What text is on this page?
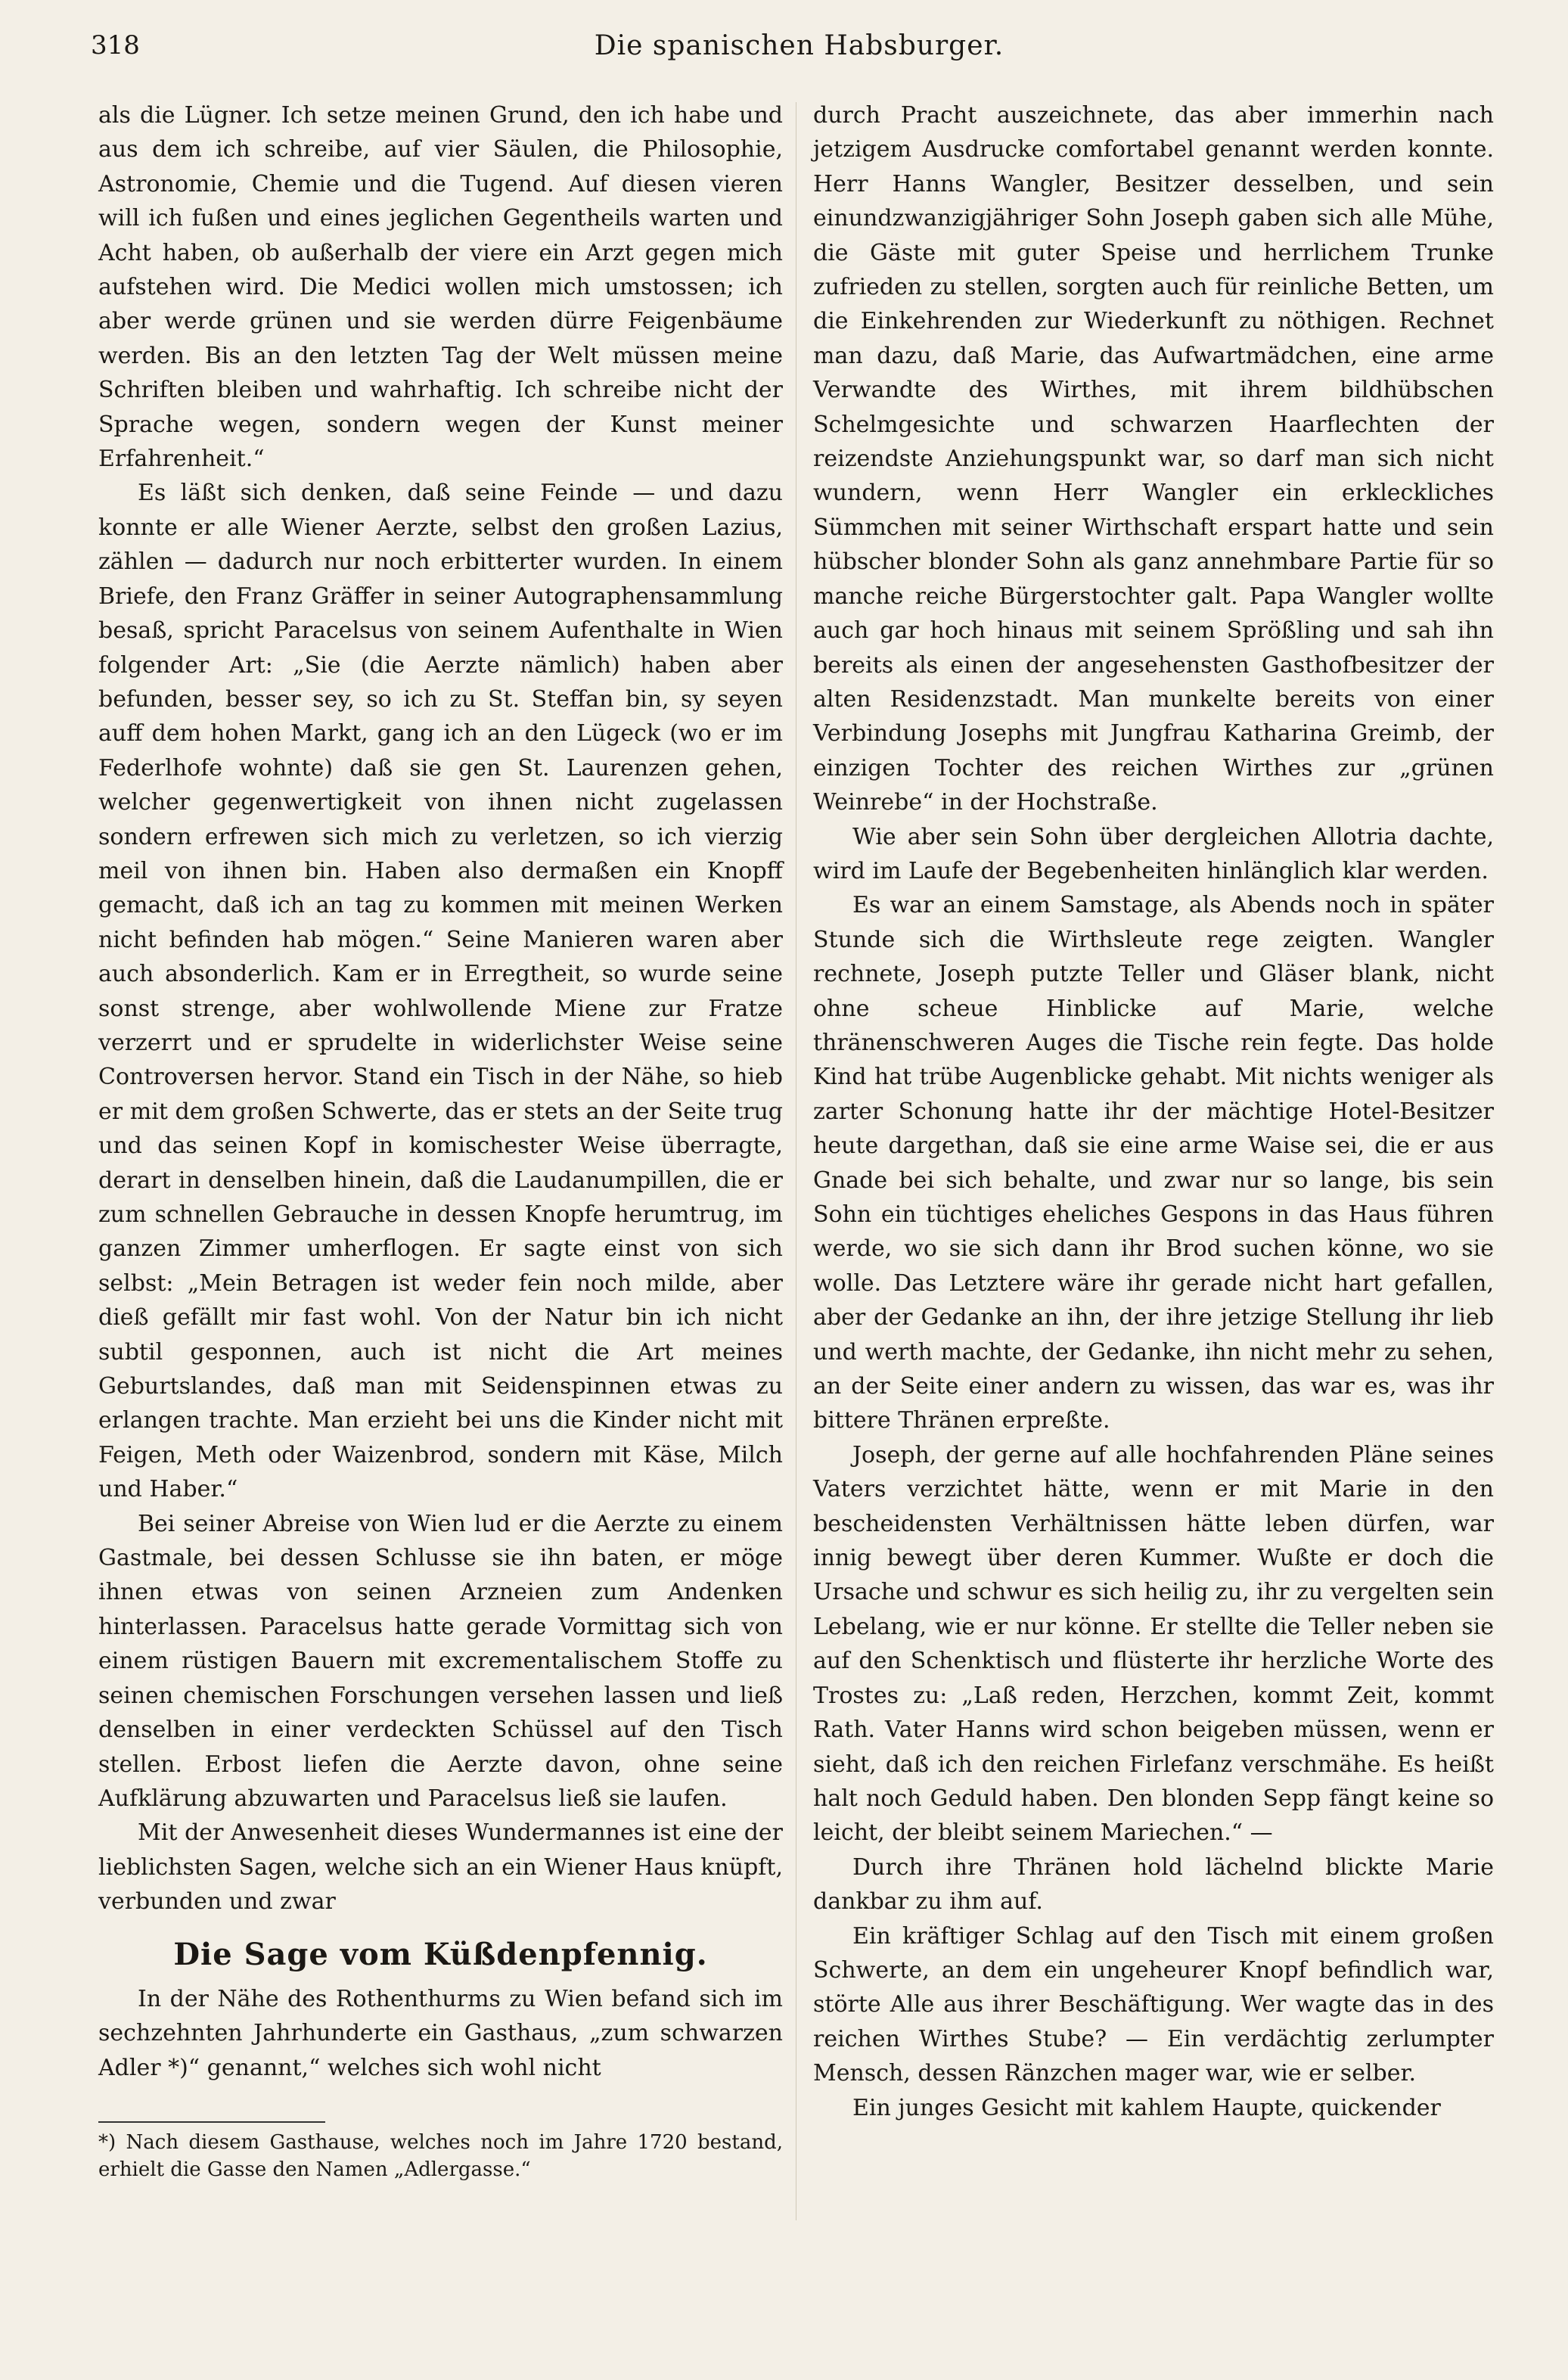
318	Die spanischen Habsburger.

als die Lügner. Ich setze meinen Grund, den ich habe und aus dem ich schreibe, auf vier Säulen, die Philosophie, Astronomie, Chemie und die Tugend. Auf diesen vieren will ich fußen und eines jeglichen Gegentheils warten und Acht haben, ob außerhalb der viere ein Arzt gegen mich aufstehen wird. Die Medici wollen mich umstossen; ich aber werde grünen und sie werden dürre Feigenbäume werden. Bis an den letzten Tag der Welt müssen meine Schriften bleiben und wahrhaftig. Ich schreibe nicht der Sprache wegen, sondern wegen der Kunst meiner Erfahrenheit.“

Es läßt sich denken, daß seine Feinde — und dazu konnte er alle Wiener Aerzte, selbst den großen Lazius, zählen — dadurch nur noch erbitterter wurden. In einem Briefe, den Franz Gräffer in seiner Autographensammlung besaß, spricht Paracelsus von seinem Aufenthalte in Wien folgender Art: „Sie (die Aerzte nämlich) haben aber befunden, besser sey, so ich zu St. Steffan bin, sy seyen auff dem hohen Markt, gang ich an den Lügeck (wo er im Federlhofe wohnte) daß sie gen St. Laurenzen gehen, welcher gegenwertigkeit von ihnen nicht zugelassen sondern erfrewen sich mich zu verletzen, so ich vierzig meil von ihnen bin. Haben also dermaßen ein Knopff gemacht, daß ich an tag zu kommen mit meinen Werken nicht befinden hab mögen.“ Seine Manieren waren aber auch absonderlich. Kam er in Erregtheit, so wurde seine sonst strenge, aber wohlwollende Miene zur Fratze verzerrt und er sprudelte in widerlichster Weise seine Controversen hervor. Stand ein Tisch in der Nähe, so hieb er mit dem großen Schwerte, das er stets an der Seite trug und das seinen Kopf in komischester Weise überragte, derart in denselben hinein, daß die Laudanumpillen, die er zum schnellen Gebrauche in dessen Knopfe herumtrug, im ganzen Zimmer umherflogen. Er sagte einst von sich selbst: „Mein Betragen ist weder fein noch milde, aber dieß gefällt mir fast wohl. Von der Natur bin ich nicht subtil gesponnen, auch ist nicht die Art meines Geburtslandes, daß man mit Seidenspinnen etwas zu erlangen trachte. Man erzieht bei uns die Kinder nicht mit Feigen, Meth oder Waizenbrod, sondern mit Käse, Milch und Haber.“

Bei seiner Abreise von Wien lud er die Aerzte zu einem Gastmale, bei dessen Schlusse sie ihn baten, er möge ihnen etwas von seinen Arzneien zum Andenken hinterlassen. Paracelsus hatte gerade Vormittag sich von einem rüstigen Bauern mit excrementalischem Stoffe zu seinen chemischen Forschungen versehen lassen und ließ denselben in einer verdeckten Schüssel auf den Tisch stellen. Erbost liefen die Aerzte davon, ohne seine Aufklärung abzuwarten und Paracelsus ließ sie laufen.

Mit der Anwesenheit dieses Wundermannes ist eine der lieblichsten Sagen, welche sich an ein Wiener Haus knüpft, verbunden und zwar

Die Sage vom Küßdenpfennig.

In der Nähe des Rothenthurms zu Wien befand sich im sechzehnten Jahrhunderte ein Gasthaus, „zum schwarzen Adler *)“ genannt,“ welches sich wohl nicht

*) Nach diesem Gasthause, welches noch im Jahre 1720 bestand, erhielt die Gasse den Namen „Adlergasse.“

durch Pracht auszeichnete, das aber immerhin nach jetzigem Ausdrucke comfortabel genannt werden konnte. Herr Hanns Wangler, Besitzer desselben, und sein einundzwanzigjähriger Sohn Joseph gaben sich alle Mühe, die Gäste mit guter Speise und herrlichem Trunke zufrieden zu stellen, sorgten auch für reinliche Betten, um die Einkehrenden zur Wiederkunft zu nöthigen. Rechnet man dazu, daß Marie, das Aufwartmädchen, eine arme Verwandte des Wirthes, mit ihrem bildhübschen Schelmgesichte und schwarzen Haarflechten der reizendste Anziehungspunkt war, so darf man sich nicht wundern, wenn Herr Wangler ein erkleckliches Sümmchen mit seiner Wirthschaft erspart hatte und sein hübscher blonder Sohn als ganz annehmbare Partie für so manche reiche Bürgerstochter galt. Papa Wangler wollte auch gar hoch hinaus mit seinem Sprößling und sah ihn bereits als einen der angesehensten Gasthofbesitzer der alten Residenzstadt. Man munkelte bereits von einer Verbindung Josephs mit Jungfrau Katharina Greimb, der einzigen Tochter des reichen Wirthes zur „grünen Weinrebe“ in der Hochstraße.

Wie aber sein Sohn über dergleichen Allotria dachte, wird im Laufe der Begebenheiten hinlänglich klar werden.

Es war an einem Samstage, als Abends noch in später Stunde sich die Wirthsleute rege zeigten. Wangler rechnete, Joseph putzte Teller und Gläser blank, nicht ohne scheue Hinblicke auf Marie, welche thränenschweren Auges die Tische rein fegte. Das holde Kind hat trübe Augenblicke gehabt. Mit nichts weniger als zarter Schonung hatte ihr der mächtige Hotel-Besitzer heute dargethan, daß sie eine arme Waise sei, die er aus Gnade bei sich behalte, und zwar nur so lange, bis sein Sohn ein tüchtiges eheliches Gespons in das Haus führen werde, wo sie sich dann ihr Brod suchen könne, wo sie wolle. Das Letztere wäre ihr gerade nicht hart gefallen, aber der Gedanke an ihn, der ihre jetzige Stellung ihr lieb und werth machte, der Gedanke, ihn nicht mehr zu sehen, an der Seite einer andern zu wissen, das war es, was ihr bittere Thränen erpreßte.

Joseph, der gerne auf alle hochfahrenden Pläne seines Vaters verzichtet hätte, wenn er mit Marie in den bescheidensten Verhältnissen hätte leben dürfen, war innig bewegt über deren Kummer. Wußte er doch die Ursache und schwur es sich heilig zu, ihr zu vergelten sein Lebelang, wie er nur könne. Er stellte die Teller neben sie auf den Schenktisch und flüsterte ihr herzliche Worte des Trostes zu: „Laß reden, Herzchen, kommt Zeit, kommt Rath. Vater Hanns wird schon beigeben müssen, wenn er sieht, daß ich den reichen Firlefanz verschmähe. Es heißt halt noch Geduld haben. Den blonden Sepp fängt keine so leicht, der bleibt seinem Mariechen.“ —

Durch ihre Thränen hold lächelnd blickte Marie dankbar zu ihm auf.

Ein kräftiger Schlag auf den Tisch mit einem großen Schwerte, an dem ein ungeheurer Knopf befindlich war, störte Alle aus ihrer Beschäftigung. Wer wagte das in des reichen Wirthes Stube? — Ein verdächtig zerlumpter Mensch, dessen Ränzchen mager war, wie er selber.

Ein junges Gesicht mit kahlem Haupte, quickender
